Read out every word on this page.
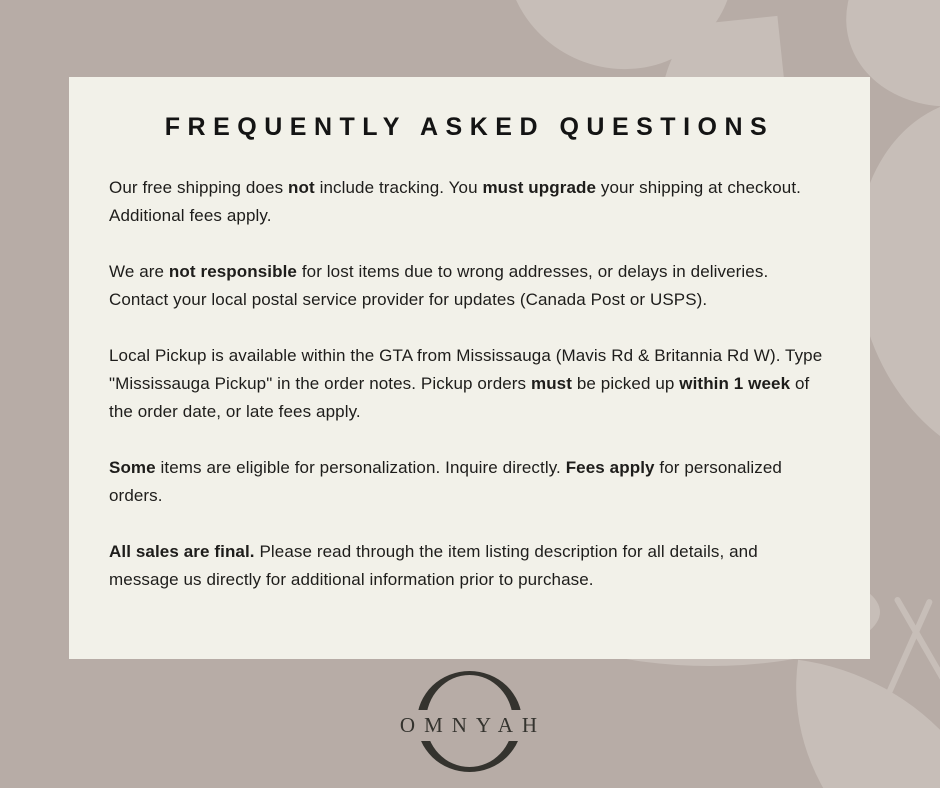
FREQUENTLY ASKED QUESTIONS

Our free shipping does not include tracking. You must upgrade your shipping at checkout. Additional fees apply.

We are not responsible for lost items due to wrong addresses, or delays in deliveries. Contact your local postal service provider for updates (Canada Post or USPS).

Local Pickup is available within the GTA from Mississauga (Mavis Rd & Britannia Rd W). Type "Mississauga Pickup" in the order notes. Pickup orders must be picked up within 1 week of the order date, or late fees apply.

Some items are eligible for personalization. Inquire directly. Fees apply for personalized orders.

All sales are final. Please read through the item listing description for all details, and message us directly for additional information prior to purchase.

OMNYAH
